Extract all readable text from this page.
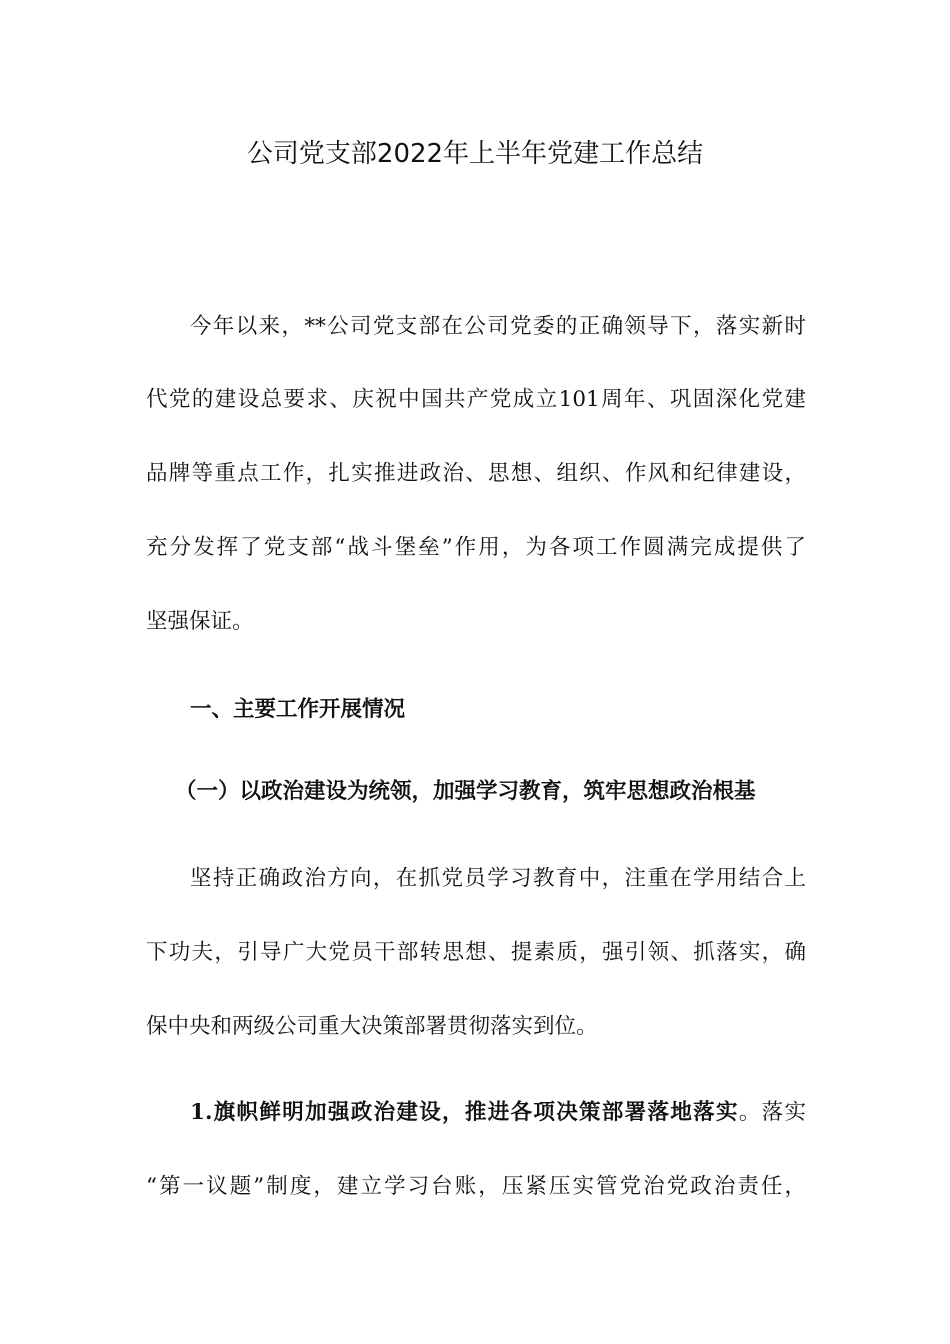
公司党支部2022年上半年党建工作总结
今年以来，**公司党支部在公司党委的正确领导下，落实新时
代党的建设总要求、庆祝中国共产党成立101周年、巩固深化党建
品牌等重点工作，扎实推进政治、思想、组织、作风和纪律建设，
充分发挥了党支部“战斗堡垒”作用，为各项工作圆满完成提供了
坚强保证。
一、主要工作开展情况
（一）以政治建设为统领，加强学习教育，筑牢思想政治根基
坚持正确政治方向，在抓党员学习教育中，注重在学用结合上
下功夫，引导广大党员干部转思想、提素质，强引领、抓落实，确
保中央和两级公司重大决策部署贯彻落实到位。
1.旗帜鲜明加强政治建设，推进各项决策部署落地落实。落实
“第一议题”制度，建立学习台账，压紧压实管党治党政治责任，
